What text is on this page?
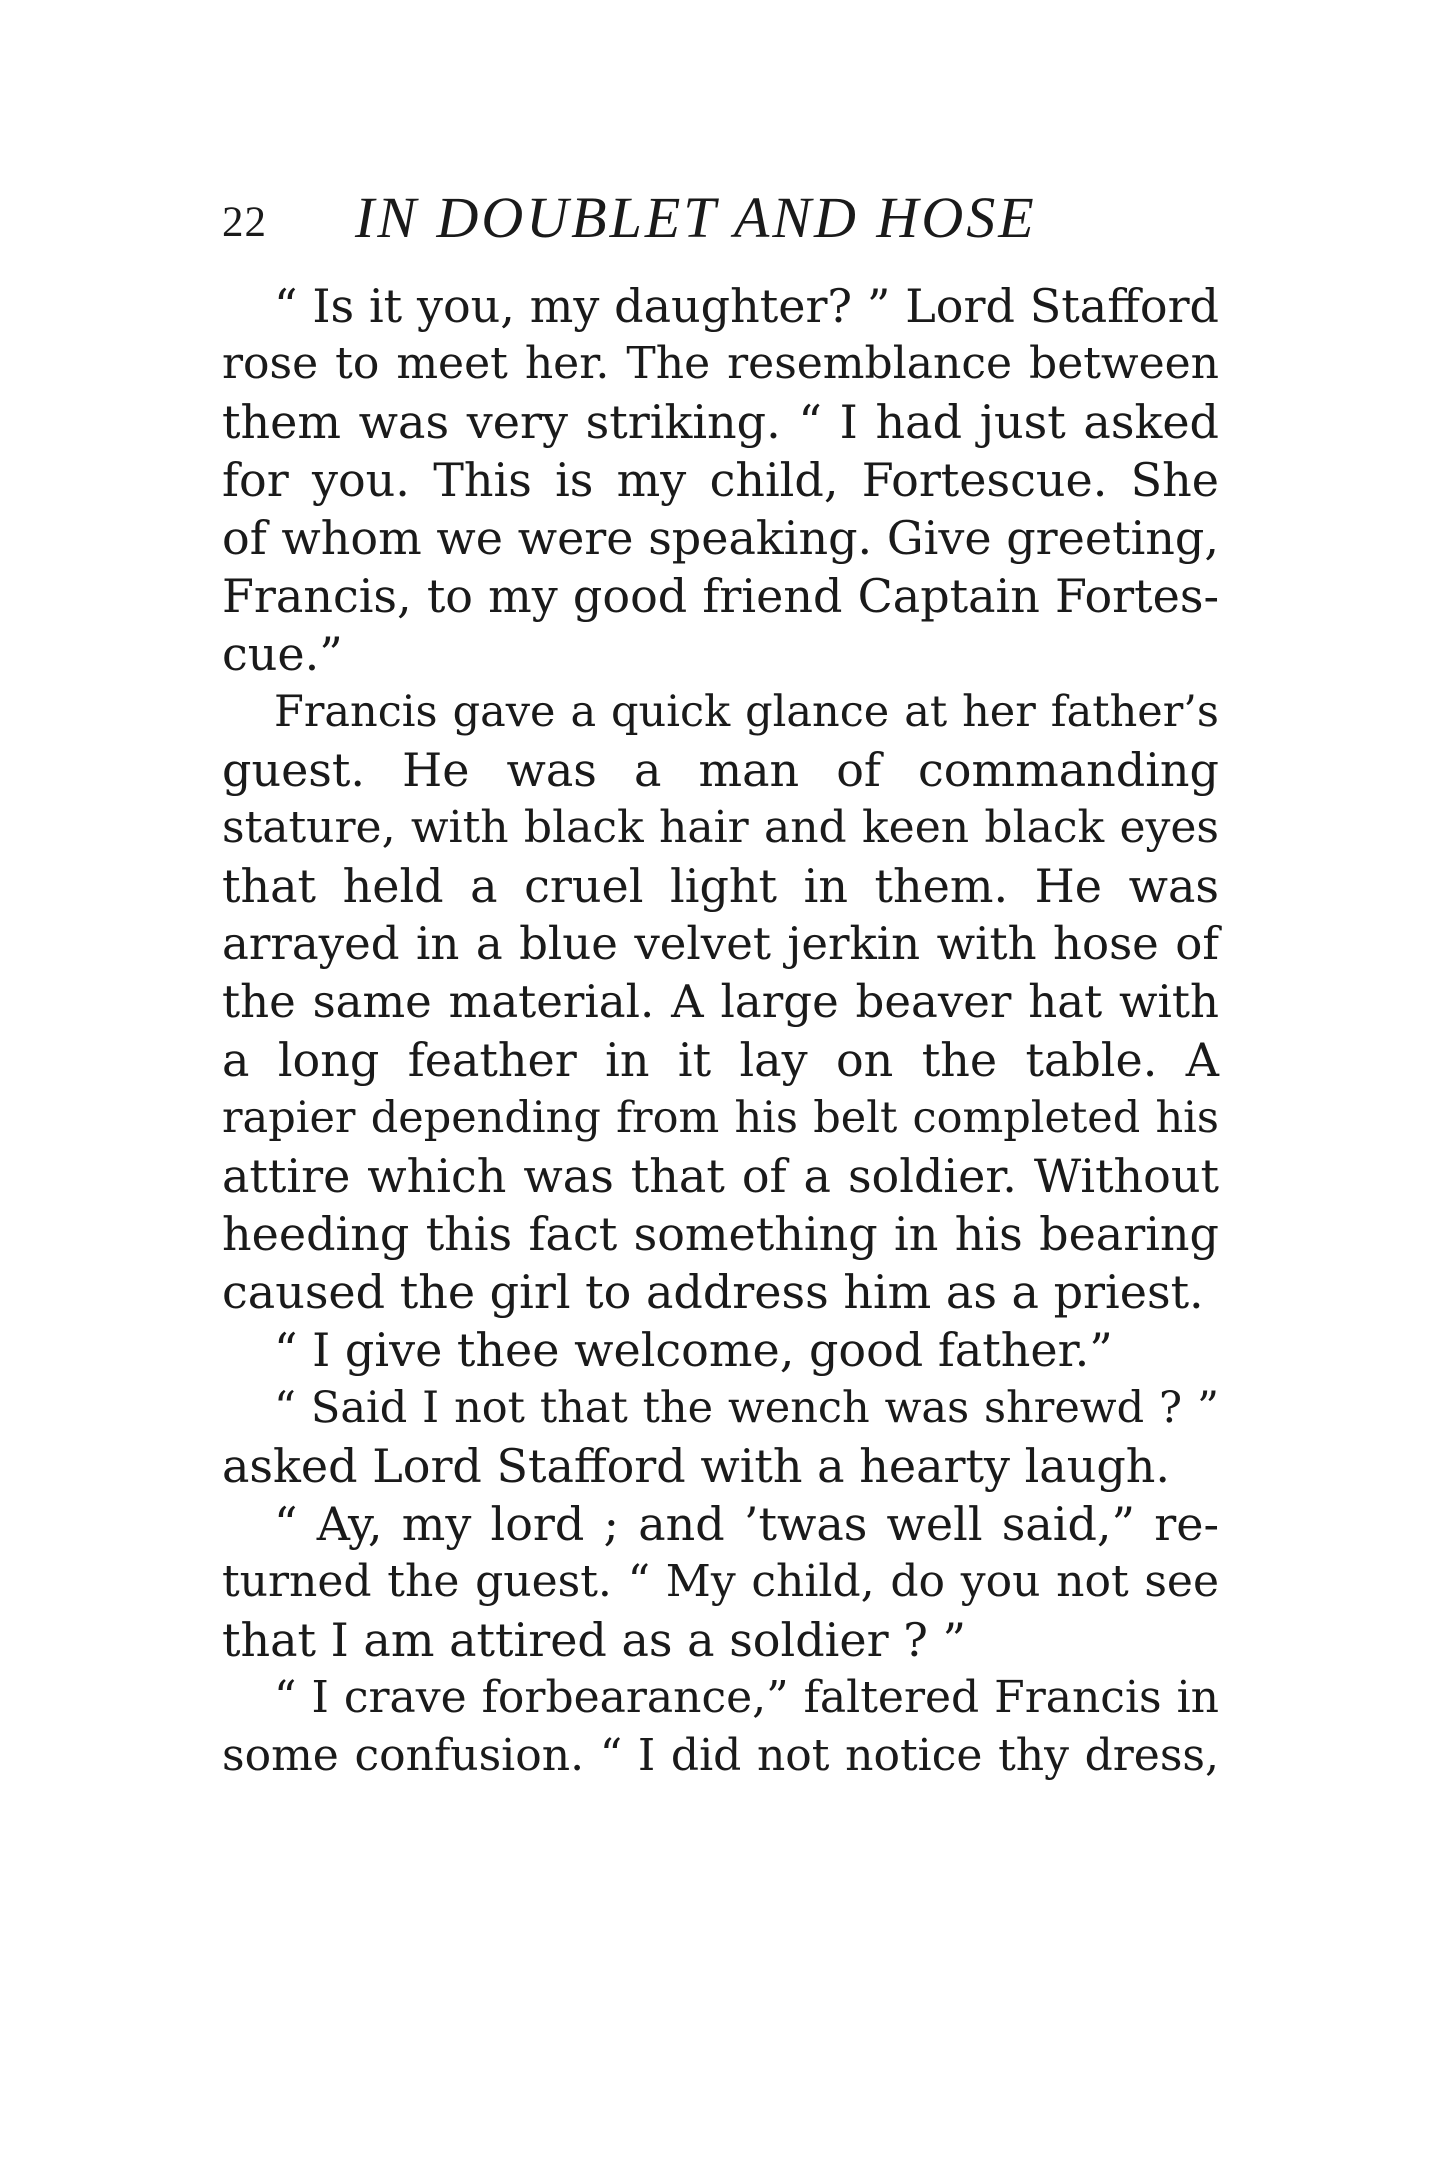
22 IN DOUBLET AND HOSE
“ Is it you, my daughter? ” Lord Stafford
rose to meet her. The resemblance between
them was very striking. “ I had just asked
for you. This is my child, Fortescue. She
of whom we were speaking. Give greeting,
Francis, to my good friend Captain Fortes-
cue.”
Francis gave a quick glance at her father’s
guest. He was a man of commanding
stature, with black hair and keen black eyes
that held a cruel light in them. He was
arrayed in a blue velvet jerkin with hose of
the same material. A large beaver hat with
a long feather in it lay on the table. A
rapier depending from his belt completed his
attire which was that of a soldier. Without
heeding this fact something in his bearing
caused the girl to address him as a priest.
“ I give thee welcome, good father.”
“ Said I not that the wench was shrewd ? ”
asked Lord Stafford with a hearty laugh.
“ Ay, my lord ; and ’twas well said,” re-
turned the guest. “ My child, do you not see
that I am attired as a soldier ? ”
“ I crave forbearance,” faltered Francis in
some confusion. “ I did not notice thy dress,
